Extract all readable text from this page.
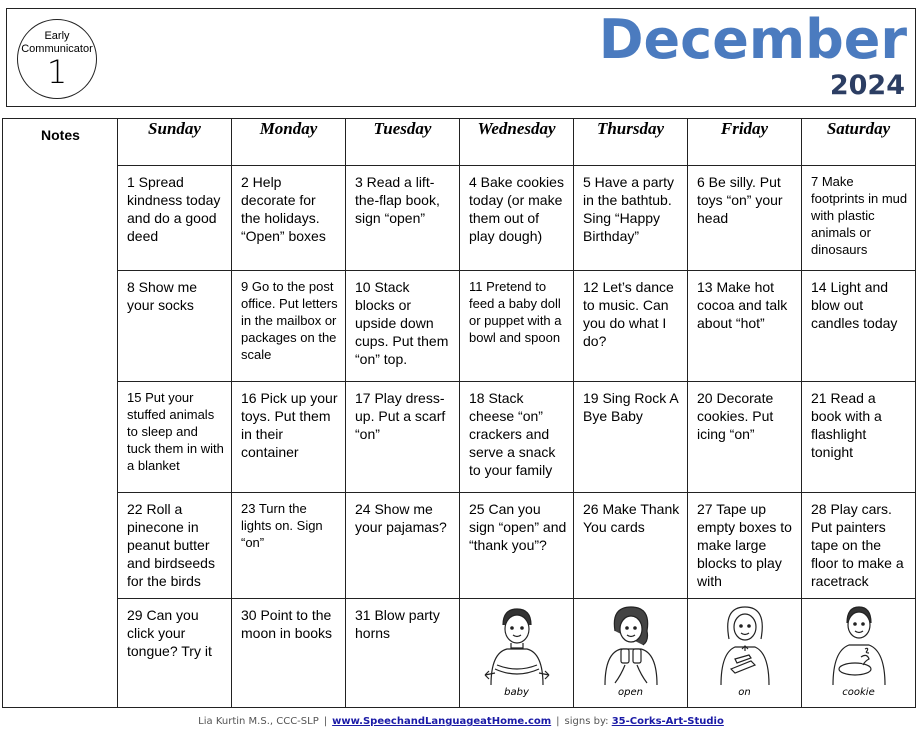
Early
Communicator
1
December
2024
Notes	Sunday	Monday	Tuesday	Wednesday	Thursday	Friday	Saturday

	1 Spread kindness today and do a good deed	2 Help decorate for the holidays. “Open” boxes	3 Read a lift-the-flap book, sign “open”	4 Bake cookies today (or make them out of play dough)	5 Have a party in the bathtub. Sing “Happy Birthday”	6 Be silly. Put toys “on” your head	7 Make footprints in mud with plastic animals or dinosaurs

	8 Show me your socks	9 Go to the post office. Put letters in the mailbox or packages on the scale	10 Stack blocks or upside down cups. Put them “on” top.	11 Pretend to feed a baby doll or puppet with a bowl and spoon	12 Let’s dance to music. Can you do what I do?	13 Make hot cocoa and talk about “hot”	14 Light and blow out candles today

	15 Put your stuffed animals to sleep and tuck them in with a blanket	16 Pick up your toys. Put them in their container	17 Play dress-up. Put a scarf “on”	18 Stack cheese “on” crackers and serve a snack to your family	19 Sing Rock A Bye Baby	20 Decorate cookies. Put icing “on”	21 Read a book with a flashlight tonight

	22 Roll a pinecone in peanut butter and birdseeds for the birds	23 Turn the lights on. Sign “on”	24 Show me your pajamas?	25 Can you sign “open” and “thank you”?	26 Make Thank You cards	27 Tape up empty boxes to make large blocks to play with	28 Play cars. Put painters tape on the floor to make a racetrack

	29 Can you click your tongue? Try it	30 Point to the moon in books	31 Blow party horns	baby	open	on	cookie
Lia Kurtin M.S., CCC-SLP | www.SpeechandLanguageatHome.com | signs by: 35-Corks-Art-Studio
